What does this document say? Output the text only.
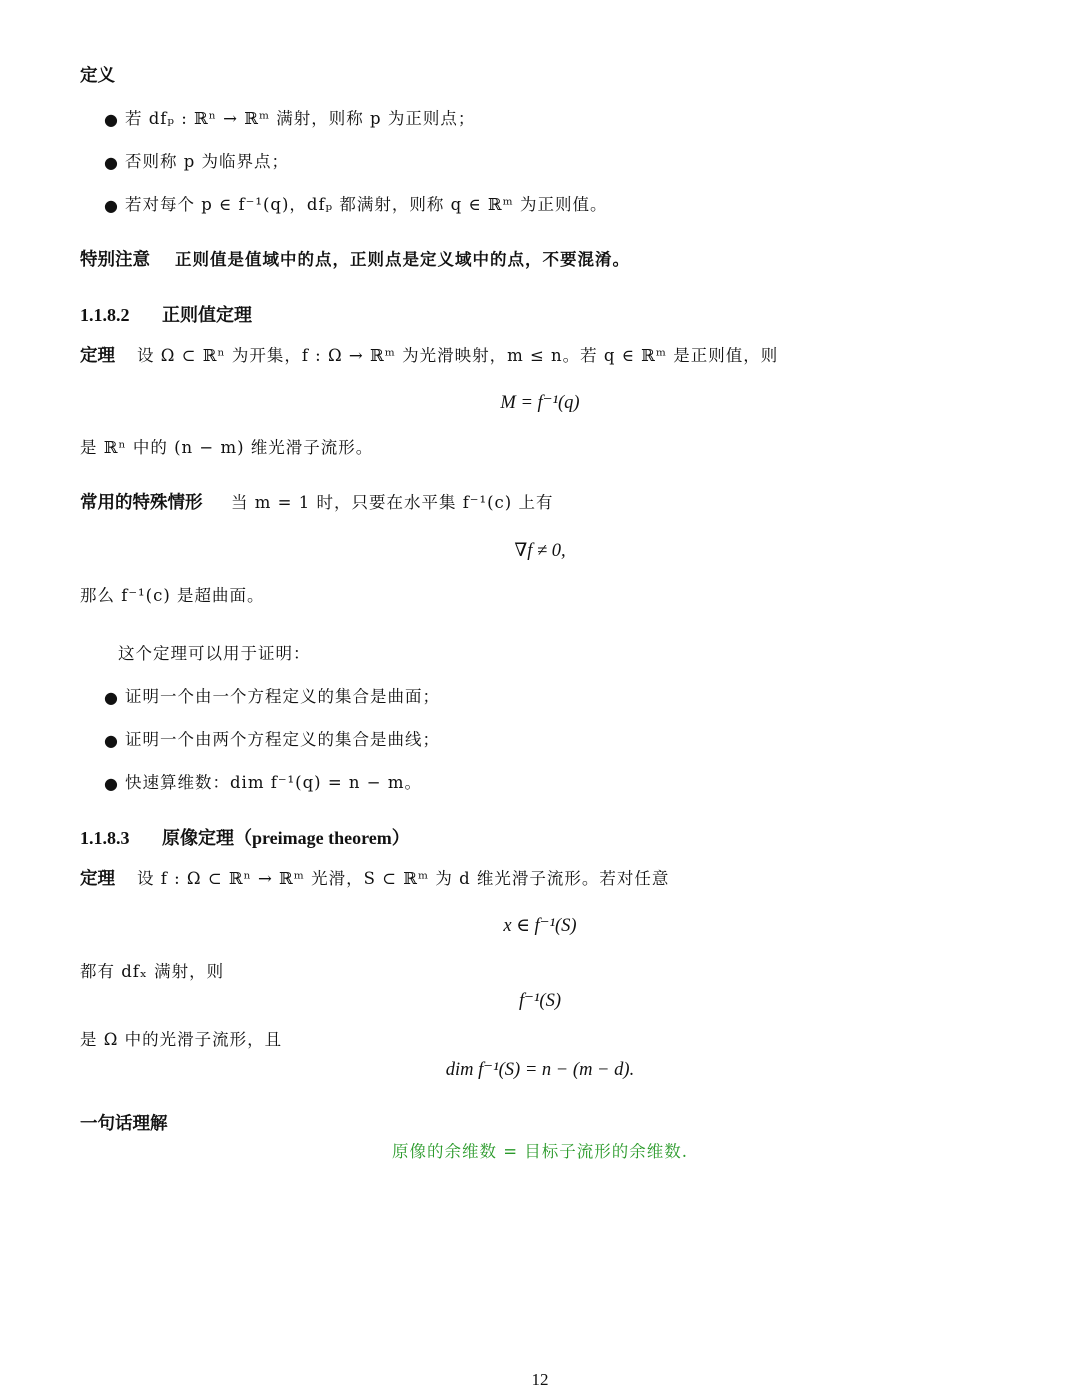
定义
● 若 dfₚ : ℝⁿ → ℝᵐ 满射，则称 p 为正则点；
● 否则称 p 为临界点；
● 若对每个 p ∈ f⁻¹(q)，dfₚ 都满射，则称 q ∈ ℝᵐ 为正则值。
特别注意 正则值是值域中的点，正则点是定义域中的点，不要混淆。
1.1.8.2 正则值定理
定理 设 Ω ⊂ ℝⁿ 为开集，f : Ω → ℝᵐ 为光滑映射，m ≤ n。若 q ∈ ℝᵐ 是正则值，则
M = f⁻¹(q)
是 ℝⁿ 中的 (n − m) 维光滑子流形。
常用的特殊情形 当 m = 1 时，只要在水平集 f⁻¹(c) 上有
∇f ≠ 0,
那么 f⁻¹(c) 是超曲面。
这个定理可以用于证明：
● 证明一个由一个方程定义的集合是曲面；
● 证明一个由两个方程定义的集合是曲线；
● 快速算维数：dim f⁻¹(q) = n − m。
1.1.8.3 原像定理（preimage theorem）
定理 设 f : Ω ⊂ ℝⁿ → ℝᵐ 光滑，S ⊂ ℝᵐ 为 d 维光滑子流形。若对任意
x ∈ f⁻¹(S)
都有 dfₓ 满射，则
f⁻¹(S)
是 Ω 中的光滑子流形，且
dim f⁻¹(S) = n − (m − d).
一句话理解
原像的余维数 = 目标子流形的余维数.
12
